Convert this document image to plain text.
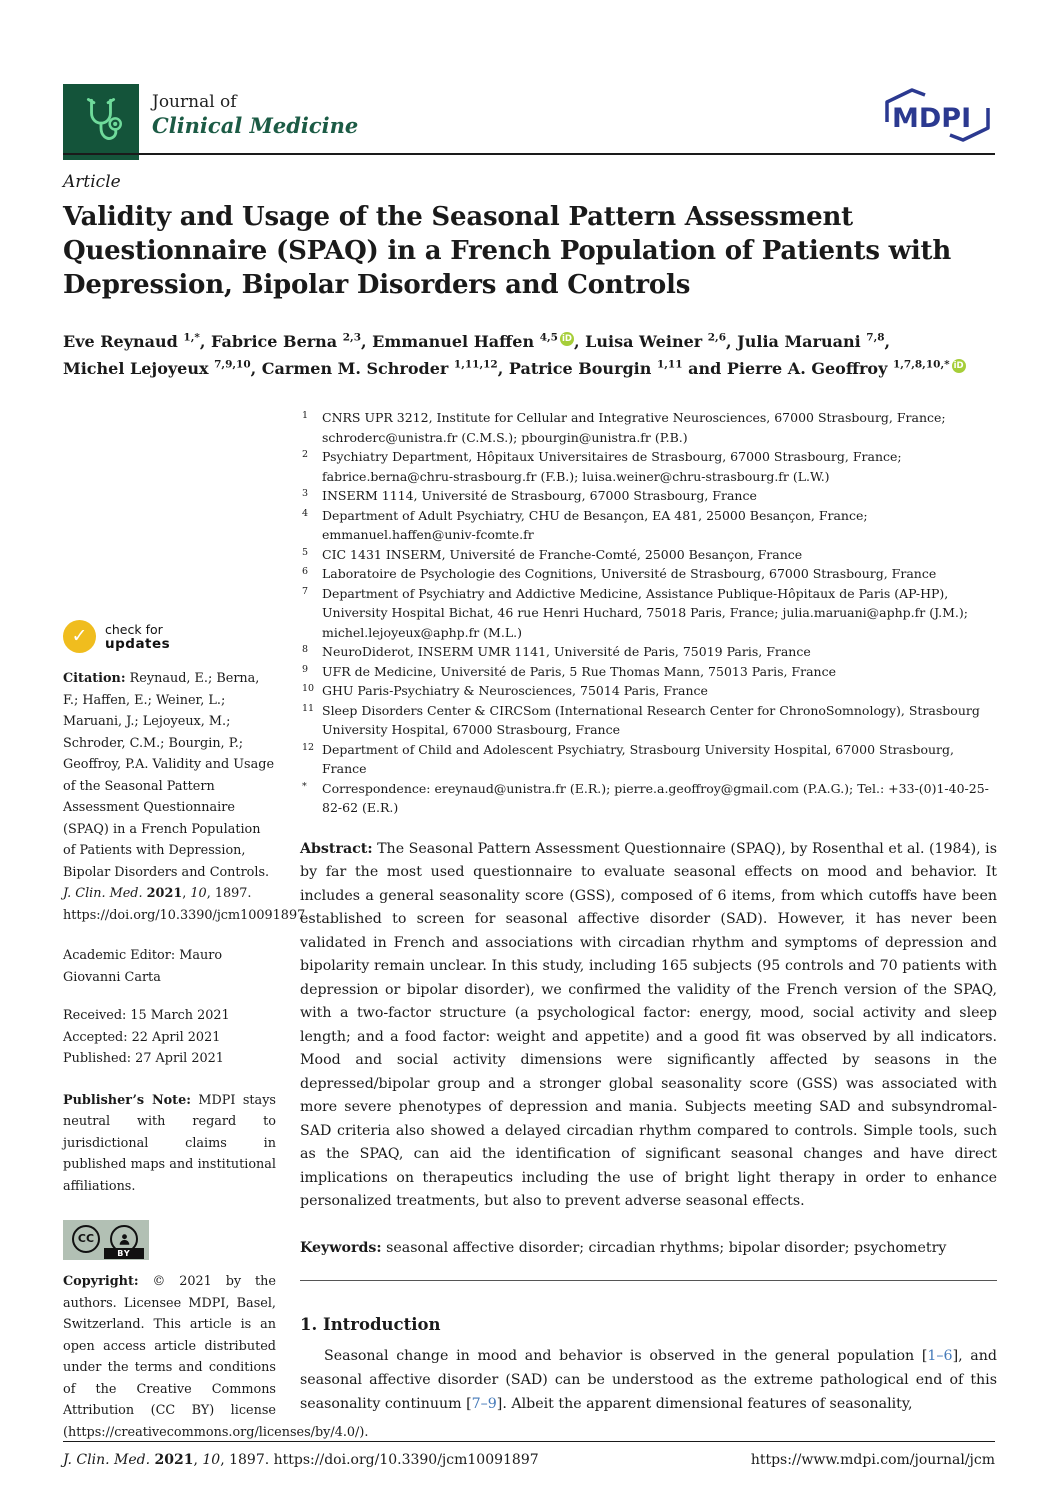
Journal of
Clinical Medicine	MDPI
Article
Validity and Usage of the Seasonal Pattern Assessment Questionnaire (SPAQ) in a French Population of Patients with Depression, Bipolar Disorders and Controls
Eve Reynaud $^{1,*}$, Fabrice Berna $^{2,3}$, Emmanuel Haffen $^{4,5}$ iD , Luisa Weiner $^{2,6}$, Julia Maruani $^{7,8}$,
Michel Lejoyeux $^{7,9,10}$, Carmen M. Schroder $^{1,11,12}$, Patrice Bourgin $^{1,11}$ and Pierre A. Geoffroy $^{1,7,8,10,*}$ iD
1 CNRS UPR 3212, Institute for Cellular and Integrative Neurosciences, 67000 Strasbourg, France; schroderc@unistra.fr (C.M.S.); pbourgin@unistra.fr (P.B.)
2 Psychiatry Department, Hôpitaux Universitaires de Strasbourg, 67000 Strasbourg, France; fabrice.berna@chru-strasbourg.fr (F.B.); luisa.weiner@chru-strasbourg.fr (L.W.)
3 INSERM 1114, Université de Strasbourg, 67000 Strasbourg, France
4 Department of Adult Psychiatry, CHU de Besançon, EA 481, 25000 Besançon, France; emmanuel.haffen@univ-fcomte.fr
5 CIC 1431 INSERM, Université de Franche-Comté, 25000 Besançon, France
6 Laboratoire de Psychologie des Cognitions, Université de Strasbourg, 67000 Strasbourg, France
7 Department of Psychiatry and Addictive Medicine, Assistance Publique-Hôpitaux de Paris (AP-HP), University Hospital Bichat, 46 rue Henri Huchard, 75018 Paris, France; julia.maruani@aphp.fr (J.M.); michel.lejoyeux@aphp.fr (M.L.)
8 NeuroDiderot, INSERM UMR 1141, Université de Paris, 75019 Paris, France
9 UFR de Medicine, Université de Paris, 5 Rue Thomas Mann, 75013 Paris, France
10 GHU Paris-Psychiatry & Neurosciences, 75014 Paris, France
11 Sleep Disorders Center & CIRCSom (International Research Center for ChronoSomnology), Strasbourg University Hospital, 67000 Strasbourg, France
12 Department of Child and Adolescent Psychiatry, Strasbourg University Hospital, 67000 Strasbourg, France
* Correspondence: ereynaud@unistra.fr (E.R.); pierre.a.geoffroy@gmail.com (P.A.G.); Tel.: +33-(0)1-40-25-82-62 (E.R.)

Abstract: The Seasonal Pattern Assessment Questionnaire (SPAQ), by Rosenthal et al. (1984), is by far the most used questionnaire to evaluate seasonal effects on mood and behavior. It includes a general seasonality score (GSS), composed of 6 items, from which cutoffs have been established to screen for seasonal affective disorder (SAD). However, it has never been validated in French and associations with circadian rhythm and symptoms of depression and bipolarity remain unclear. In this study, including 165 subjects (95 controls and 70 patients with depression or bipolar disorder), we confirmed the validity of the French version of the SPAQ, with a two-factor structure (a psychological factor: energy, mood, social activity and sleep length; and a food factor: weight and appetite) and a good fit was observed by all indicators. Mood and social activity dimensions were significantly affected by seasons in the depressed/bipolar group and a stronger global seasonality score (GSS) was associated with more severe phenotypes of depression and mania. Subjects meeting SAD and subsyndromal-SAD criteria also showed a delayed circadian rhythm compared to controls. Simple tools, such as the SPAQ, can aid the identification of significant seasonal changes and have direct implications on therapeutics including the use of bright light therapy in order to enhance personalized treatments, but also to prevent adverse seasonal effects.

Keywords: seasonal affective disorder; circadian rhythms; bipolar disorder; psychometry

1. Introduction

Seasonal change in mood and behavior is observed in the general population [1–6], and seasonal affective disorder (SAD) can be understood as the extreme pathological end of this seasonality continuum [7–9]. Albeit the apparent dimensional features of seasonality,

✓	check for
updates
Citation: Reynaud, E.; Berna, F.; Haffen, E.; Weiner, L.; Maruani, J.; Lejoyeux, M.; Schroder, C.M.; Bourgin, P.; Geoffroy, P.A. Validity and Usage of the Seasonal Pattern Assessment Questionnaire (SPAQ) in a French Population of Patients with Depression, Bipolar Disorders and Controls. J. Clin. Med. 2021, 10, 1897. https://doi.org/10.3390/jcm10091897
Academic Editor: Mauro Giovanni Carta
Received: 15 March 2021
Accepted: 22 April 2021
Published: 27 April 2021
Publisher’s Note: MDPI stays neutral with regard to jurisdictional claims in published maps and institutional affiliations.
CC
BY
Copyright: © 2021 by the authors. Licensee MDPI, Basel, Switzerland. This article is an open access article distributed under the terms and conditions of the Creative Commons Attribution (CC BY) license (https://creativecommons.org/licenses/by/4.0/).
J. Clin. Med. 2021, 10, 1897. https://doi.org/10.3390/jcm10091897	https://www.mdpi.com/journal/jcm
